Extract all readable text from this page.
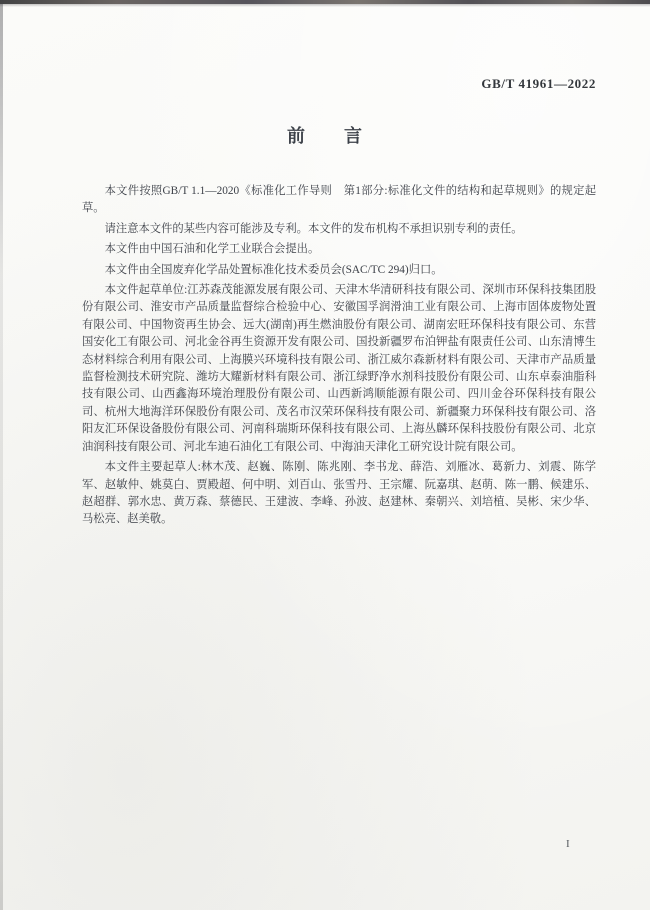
GB/T 41961—2022
前　　言

本文件按照GB/T 1.1—2020《标准化工作导则　第1部分:标准化文件的结构和起草规则》的规定起草。

请注意本文件的某些内容可能涉及专利。本文件的发布机构不承担识别专利的责任。

本文件由中国石油和化学工业联合会提出。

本文件由全国废弃化学品处置标准化技术委员会(SAC/TC 294)归口。

本文件起草单位:江苏森茂能源发展有限公司、天津木华清研科技有限公司、深圳市环保科技集团股份有限公司、淮安市产品质量监督综合检验中心、安徽国孚润滑油工业有限公司、上海市固体废物处置有限公司、中国物资再生协会、远大(湖南)再生燃油股份有限公司、湖南宏旺环保科技有限公司、东营国安化工有限公司、河北金谷再生资源开发有限公司、国投新疆罗布泊钾盐有限责任公司、山东清博生态材料综合利用有限公司、上海膜兴环境科技有限公司、浙江威尔森新材料有限公司、天津市产品质量监督检测技术研究院、潍坊大耀新材料有限公司、浙江绿野净水剂科技股份有限公司、山东卓泰油脂科技有限公司、山西鑫海环境治理股份有限公司、山西新鸿顺能源有限公司、四川金谷环保科技有限公司、杭州大地海洋环保股份有限公司、茂名市汉荣环保科技有限公司、新疆聚力环保科技有限公司、洛阳友汇环保设备股份有限公司、河南科瑞斯环保科技有限公司、上海丛麟环保科技股份有限公司、北京油润科技有限公司、河北车迪石油化工有限公司、中海油天津化工研究设计院有限公司。

本文件主要起草人:林木茂、赵巍、陈刚、陈兆刚、李书龙、薛浩、刘雁冰、葛新力、刘震、陈学军、赵敏仲、姚莫白、贾殿超、何中明、刘百山、张雪丹、王宗耀、阮嘉琪、赵萌、陈一鹏、候建乐、赵超群、郭水忠、黄万森、蔡德民、王建波、李峰、孙波、赵建林、秦朝兴、刘培植、吴彬、宋少华、马松亮、赵美敬。

I
